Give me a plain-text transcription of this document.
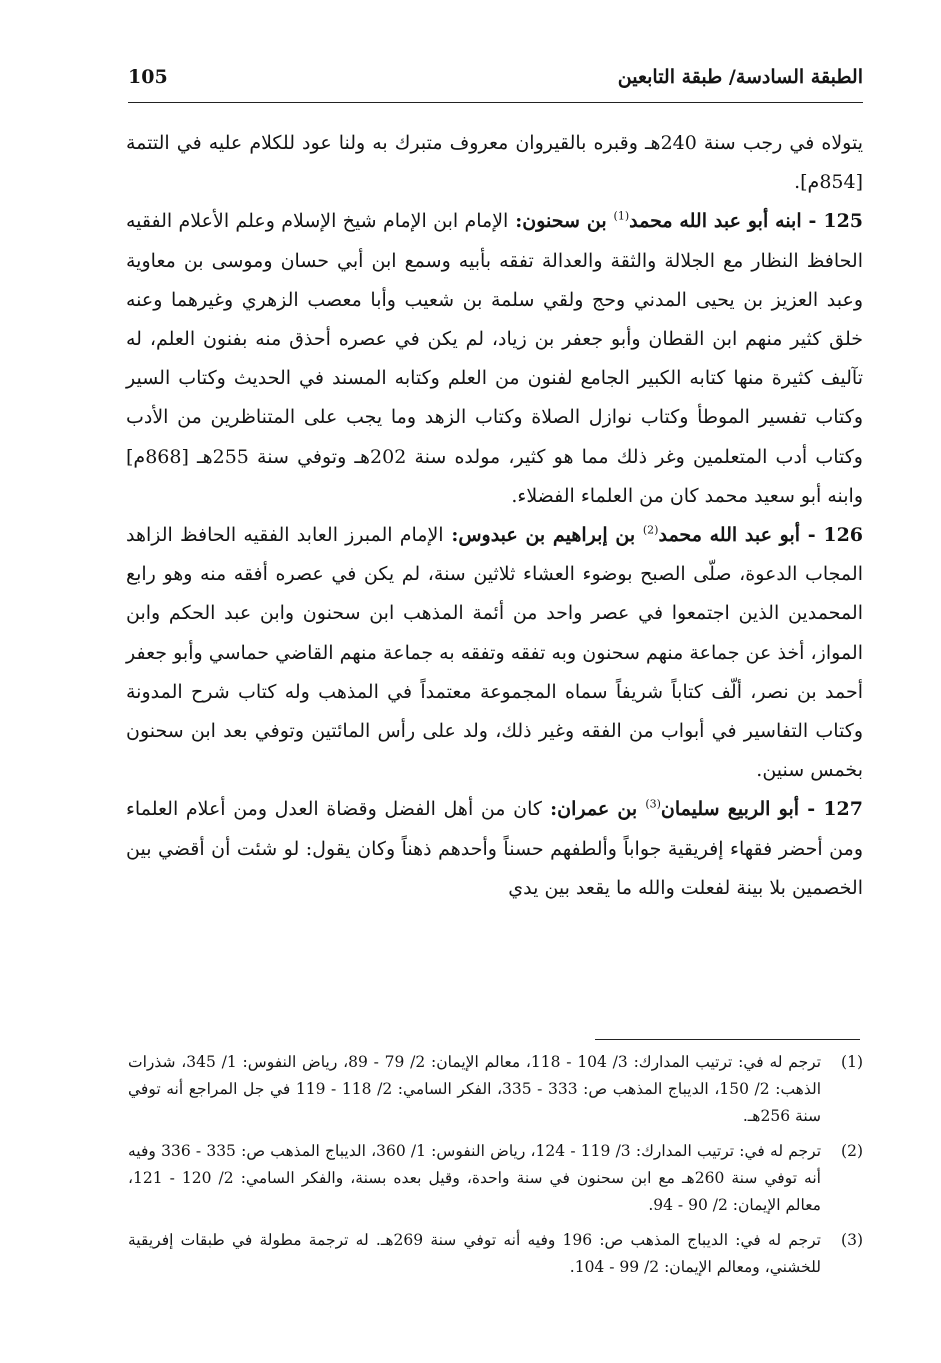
105	الطبقة السادسة/ طبقة التابعين

يتولاه في رجب سنة 240هـ وقبره بالقيروان معروف متبرك به ولنا عود للكلام عليه في التتمة [854م].

125 - ابنه أبو عبد الله محمد$^{(1)}$ بن سحنون: الإمام ابن الإمام شيخ الإسلام وعلم الأعلام الفقيه الحافظ النظار مع الجلالة والثقة والعدالة تفقه بأبيه وسمع ابن أبي حسان وموسى بن معاوية وعبد العزيز بن يحيى المدني وحج ولقي سلمة بن شعيب وأبا معصب الزهري وغيرهما وعنه خلق كثير منهم ابن القطان وأبو جعفر بن زياد، لم يكن في عصره أحذق منه بفنون العلم، له تآليف كثيرة منها كتابه الكبير الجامع لفنون من العلم وكتابه المسند في الحديث وكتاب السير وكتاب تفسير الموطأ وكتاب نوازل الصلاة وكتاب الزهد وما يجب على المتناظرين من الأدب وكتاب أدب المتعلمين وغر ذلك مما هو كثير، مولده سنة 202هـ وتوفي سنة 255هـ [868م] وابنه أبو سعيد محمد كان من العلماء الفضلاء.

126 - أبو عبد الله محمد$^{(2)}$ بن إبراهيم بن عبدوس: الإمام المبرز العابد الفقيه الحافظ الزاهد المجاب الدعوة، صلّى الصبح بوضوء العشاء ثلاثين سنة، لم يكن في عصره أفقه منه وهو رابع المحمدين الذين اجتمعوا في عصر واحد من أئمة المذهب ابن سحنون وابن عبد الحكم وابن المواز، أخذ عن جماعة منهم سحنون وبه تفقه وتفقه به جماعة منهم القاضي حماسي وأبو جعفر أحمد بن نصر، ألّف كتاباً شريفاً سماه المجموعة معتمداً في المذهب وله كتاب شرح المدونة وكتاب التفاسير في أبواب من الفقه وغير ذلك، ولد على رأس المائتين وتوفي بعد ابن سحنون بخمس سنين.

127 - أبو الربيع سليمان$^{(3)}$ بن عمران: كان من أهل الفضل وقضاة العدل ومن أعلام العلماء ومن أحضر فقهاء إفريقية جواباً وألطفهم حسناً وأحدهم ذهناً وكان يقول: لو شئت أن أقضي بين الخصمين بلا بينة لفعلت والله ما يقعد بين يدي

(1)
ترجم له في: ترتيب المدارك: 3/ 104 - 118، معالم الإيمان: 2/ 79 - 89، رياض النفوس: 1/ 345، شذرات الذهب: 2/ 150، الديباج المذهب ص: 333 - 335، الفكر السامي: 2/ 118 - 119 في جل المراجع أنه توفي سنة 256هـ.
(2)
ترجم له في: ترتيب المدارك: 3/ 119 - 124، رياض النفوس: 1/ 360، الديباج المذهب ص: 335 - 336 وفيه أنه توفي سنة 260هـ مع ابن سحنون في سنة واحدة، وقيل بعده بسنة، والفكر السامي: 2/ 120 - 121، معالم الإيمان: 2/ 90 - 94.
(3)
ترجم له في: الديباج المذهب ص: 196 وفيه أنه توفي سنة 269هـ. له ترجمة مطولة في طبقات إفريقية للخشني، ومعالم الإيمان: 2/ 99 - 104.
